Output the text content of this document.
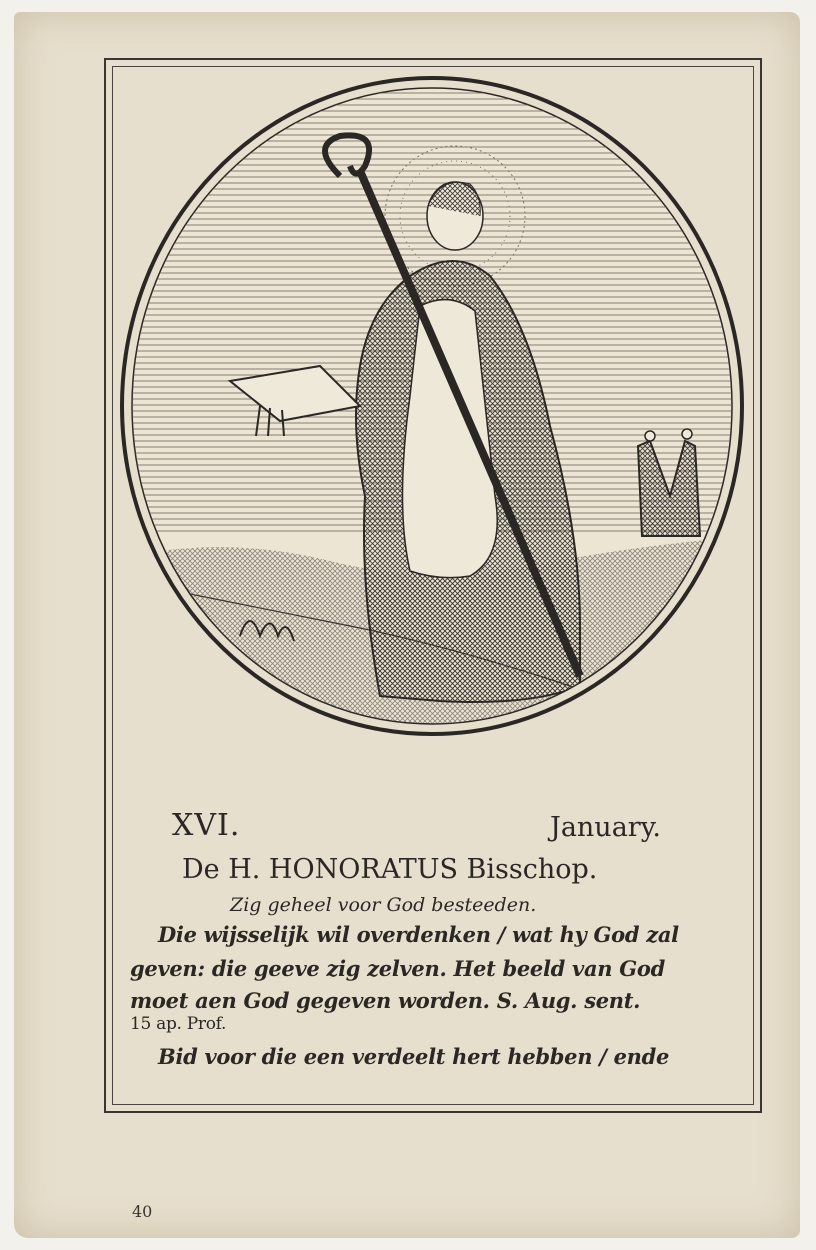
XVI.	January.
De H. HONORATUS Bisschop.
Zig geheel voor God besteeden.
Die wijsselijk wil overdenken / wat hy God zal
geven: die geeve zig zelven. Het beeld van God
moet aen God gegeven worden. S. Aug. sent.
15 ap. Prof.
Bid voor die een verdeelt hert hebben / ende
40
